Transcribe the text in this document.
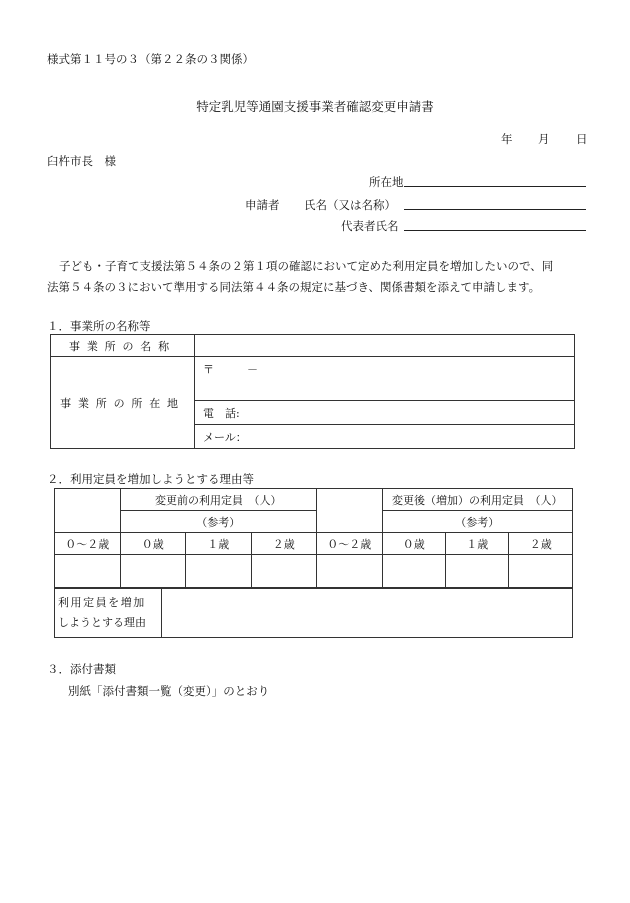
様式第１１号の３（第２２条の３関係）
特定乳児等通園支援事業者確認変更申請書
年 月 日
臼杵市長　様
所在地
申請者 氏名（又は名称）
代表者氏名
子ども・子育て支援法第５４条の２第１項の確認において定めた利用定員を増加したいので、同
法第５４条の３において準用する同法第４４条の規定に基づき、関係書類を添えて申請します。
１．事業所の名称等
事業所の名称	
事業所の所在地	〒　　　－
	電　話:
	メール：
２．利用定員を増加しようとする理由等
	変更前の利用定員　（人）				変更後（増加）の利用定員　（人）		
	（参考）				（参考）		
０～２歳	０歳	１歳	２歳	０～２歳	０歳	１歳	２歳

利用定員を増加
しようとする理由

３．添付書類
別紙「添付書類一覧（変更）」のとおり
